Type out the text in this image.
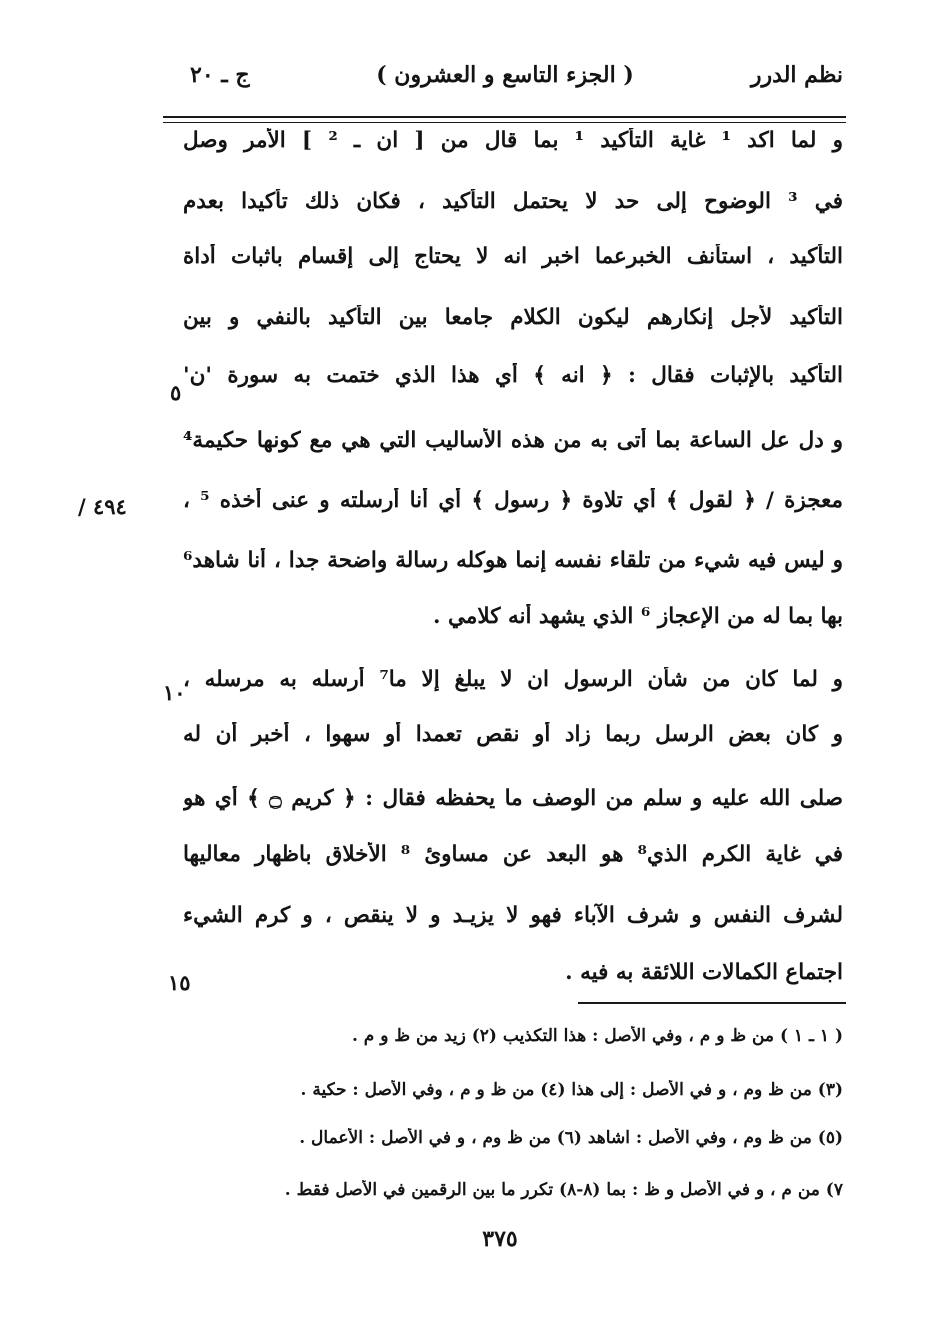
نظم الدرر
( الجزء التاسع و العشرون )
ج ـ ٢٠
و لما اكد ¹ غاية التأكيد ¹ بما قال من [ ان ـ ² ] الأمر وصل
في ³ الوضوح إلى حد لا يحتمل التأكيد ، فكان ذلك تأكيدا بعدم
التأكيد ، استأنف الخبرعما اخبر انه لا يحتاج إلى إقسام باثبات أداة
التأكيد لأجل إنكارهم ليكون الكلام جامعا بين التأكيد بالنفي و بين
التأكيد بالإثبات فقال : ﴿ انه ﴾ أي هذا الذي ختمت به سورة 'ن'
و دل عل الساعة بما أتى به من هذه الأساليب التي هي مع كونها حكيمة⁴
معجزة / ﴿ لقول ﴾ أي تلاوة ﴿ رسول ﴾ أي أنا أرسلته و عنى أخذه ⁵ ،
و ليس فيه شيء من تلقاء نفسه إنما هوكله رسالة واضحة جدا ، أنا شاهد⁶
بها بما له من الإعجاز ⁶ الذي يشهد أنه كلامي .
و لما كان من شأن الرسول ان لا يبلغ إلا ما⁷ أرسله به مرسله ،
و كان بعض الرسل ربما زاد أو نقص تعمدا أو سهوا ، أخبر أن له
صلى الله عليه و سلم من الوصف ما يحفظه فقال : ﴿ كريم ۝ ﴾ أي هو
في غاية الكرم الذي⁸ هو البعد عن مساوئ ⁸ الأخلاق باظهار معاليها
لشرف النفس و شرف الآباء فهو لا يزيـد و لا ينقص ، و كرم الشيء
اجتماع الكمالات اللائقة به فيه .
٥
١٠
١٥
٤٩٤ /
( ١ ـ ١ ) من ظ و م ، وفي الأصل : هذا التكذيب (٢) زيد من ظ و م .
(٣) من ظ وم ، و في الأصل : إلى هذا (٤) من ظ و م ، وفي الأصل : حكية .
(٥) من ظ وم ، وفي الأصل : اشاهد (٦) من ظ وم ، و في الأصل : الأعمال .
٧) من م ، و في الأصل و ظ : بما (٨-٨) تكرر ما بين الرقمين في الأصل فقط .
٣٧٥
